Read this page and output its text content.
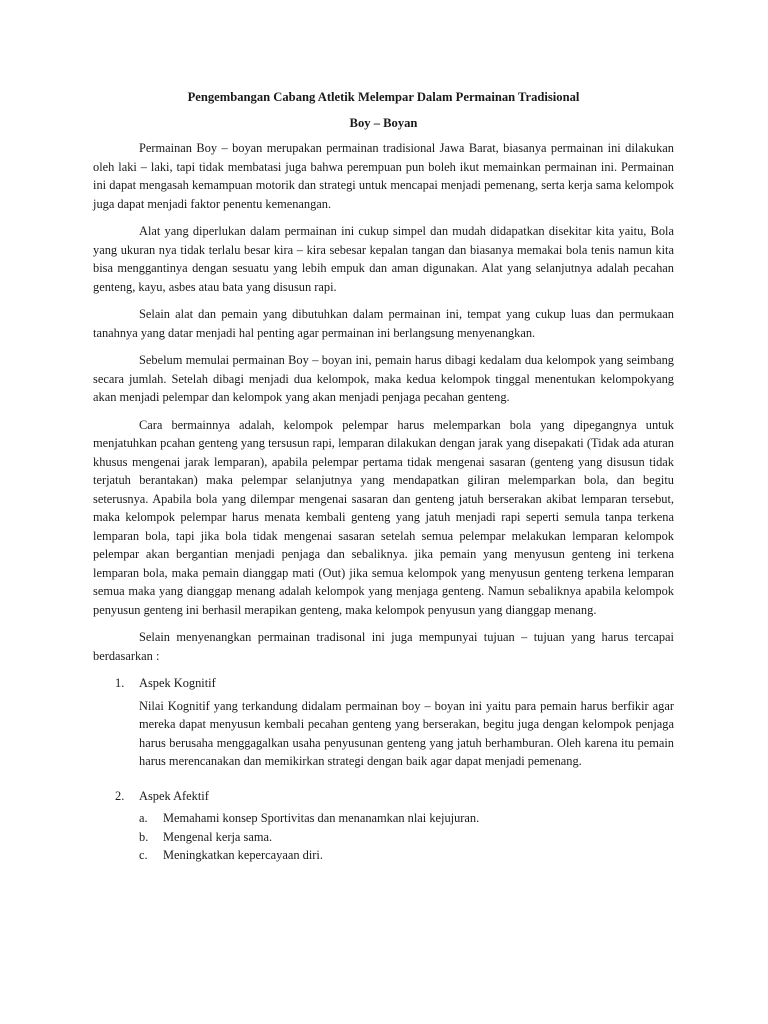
Pengembangan Cabang Atletik Melempar Dalam Permainan Tradisional
Boy – Boyan

Permainan Boy – boyan merupakan permainan tradisional Jawa Barat, biasanya permainan ini dilakukan oleh laki – laki, tapi tidak membatasi juga bahwa perempuan pun boleh ikut memainkan permainan ini. Permainan ini dapat mengasah kemampuan motorik dan strategi untuk mencapai menjadi pemenang, serta kerja sama kelompok juga dapat menjadi faktor penentu kemenangan.

Alat yang diperlukan dalam permainan ini cukup simpel dan mudah didapatkan disekitar kita yaitu, Bola yang ukuran nya tidak terlalu besar kira – kira sebesar kepalan tangan dan biasanya memakai bola tenis namun kita bisa menggantinya dengan sesuatu yang lebih empuk dan aman digunakan. Alat yang selanjutnya adalah pecahan genteng, kayu, asbes atau bata yang disusun rapi.

Selain alat dan pemain yang dibutuhkan dalam permainan ini, tempat yang cukup luas dan permukaan tanahnya yang datar menjadi hal penting agar permainan ini berlangsung menyenangkan.

Sebelum memulai permainan Boy – boyan ini, pemain harus dibagi kedalam dua kelompok yang seimbang secara jumlah. Setelah dibagi menjadi dua kelompok, maka kedua kelompok tinggal menentukan kelompokyang akan menjadi pelempar dan kelompok yang akan menjadi penjaga pecahan genteng.

Cara bermainnya adalah, kelompok pelempar harus melemparkan bola yang dipegangnya untuk menjatuhkan pcahan genteng yang tersusun rapi, lemparan dilakukan dengan jarak yang disepakati (Tidak ada aturan khusus mengenai jarak lemparan), apabila pelempar pertama tidak mengenai sasaran (genteng yang disusun tidak terjatuh berantakan) maka pelempar selanjutnya yang mendapatkan giliran melemparkan bola, dan begitu seterusnya. Apabila bola yang dilempar mengenai sasaran dan genteng jatuh berserakan akibat lemparan tersebut, maka kelompok pelempar harus menata kembali genteng yang jatuh menjadi rapi seperti semula tanpa terkena lemparan bola, tapi jika bola tidak mengenai sasaran setelah semua pelempar melakukan lemparan kelompok pelempar akan bergantian menjadi penjaga dan sebaliknya. jika pemain yang menyusun genteng ini terkena lemparan bola, maka pemain dianggap mati (Out) jika semua kelompok yang menyusun genteng terkena lemparan semua maka yang dianggap menang adalah kelompok yang menjaga genteng. Namun sebaliknya apabila kelompok penyusun genteng ini berhasil merapikan genteng, maka kelompok penyusun yang dianggap menang.

Selain menyenangkan permainan tradisonal ini juga mempunyai tujuan – tujuan yang harus tercapai berdasarkan :

1. Aspek Kognitif
Nilai Kognitif yang terkandung didalam permainan boy – boyan ini yaitu para pemain harus berfikir agar mereka dapat menyusun kembali pecahan genteng yang berserakan, begitu juga dengan kelompok penjaga harus berusaha menggagalkan usaha penyusunan genteng yang jatuh berhamburan. Oleh karena itu pemain harus merencanakan dan memikirkan strategi dengan baik agar dapat menjadi pemenang.
2. Aspek Afektif
a. Memahami konsep Sportivitas dan menanamkan nlai kejujuran.
b. Mengenal kerja sama.
c. Meningkatkan kepercayaan diri.
